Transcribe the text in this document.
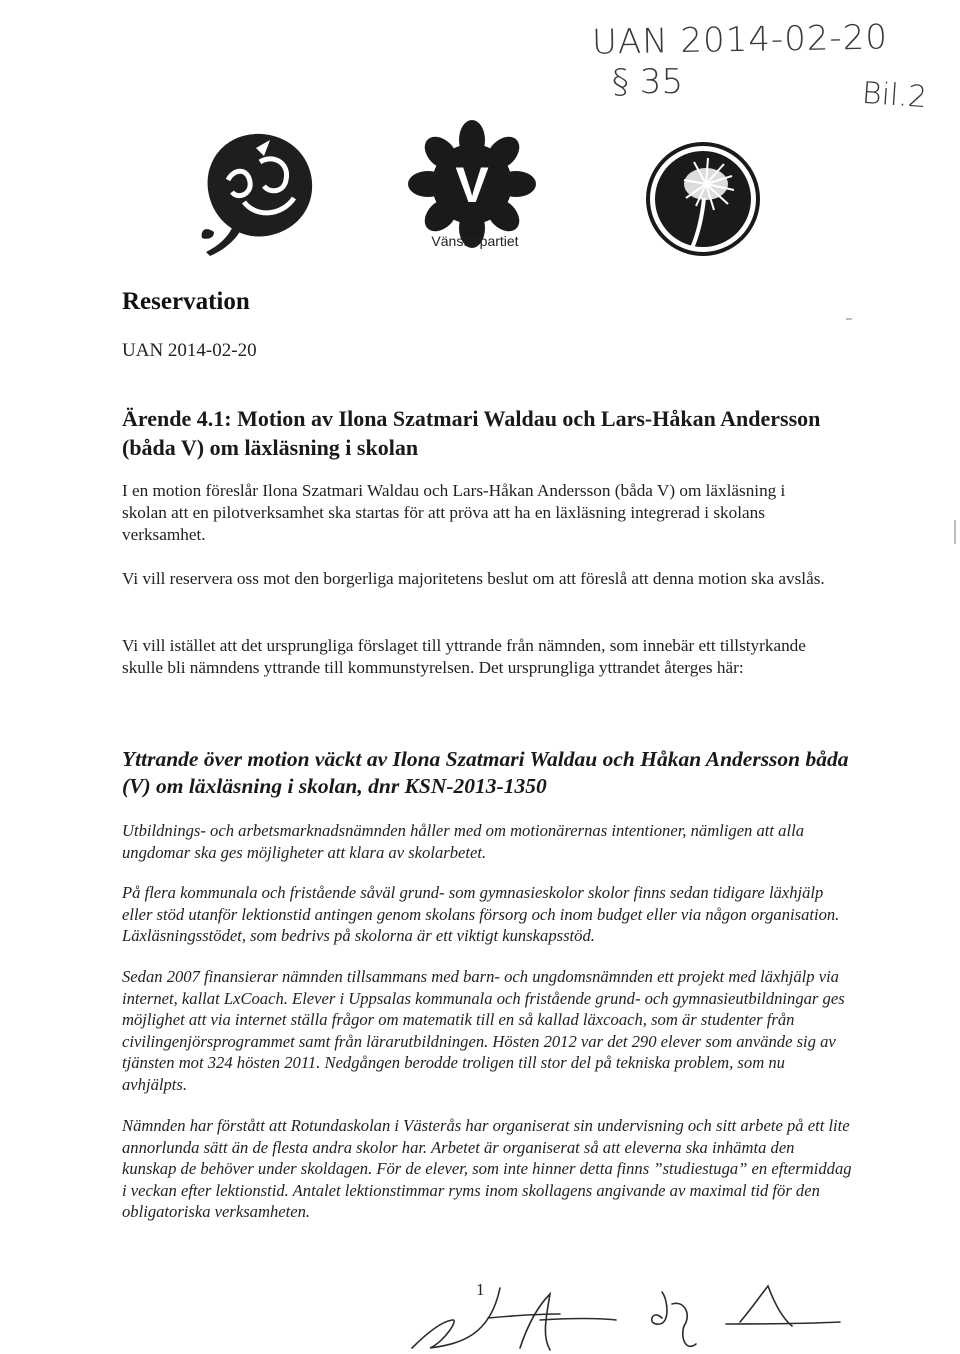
UAN 2014-02-20
§ 35	Bil.2
V
Vänsterpartiet
Reservation
UAN 2014-02-20
Ärende 4.1: Motion av Ilona Szatmari Waldau och Lars-Håkan Andersson (båda V) om läxläsning i skolan

I en motion föreslår Ilona Szatmari Waldau och Lars-Håkan Andersson (båda V) om läxläsning i skolan att en pilotverksamhet ska startas för att pröva att ha en läxläsning integrerad i skolans verksamhet.

Vi vill reservera oss mot den borgerliga majoritetens beslut om att föreslå att denna motion ska avslås.

Vi vill istället att det ursprungliga förslaget till yttrande från nämnden, som innebär ett tillstyrkande skulle bli nämndens yttrande till kommunstyrelsen. Det ursprungliga yttrandet återges här:

Yttrande över motion väckt av Ilona Szatmari Waldau och Håkan Andersson båda (V) om läxläsning i skolan, dnr KSN-2013-1350

Utbildnings- och arbetsmarknadsnämnden håller med om motionärernas intentioner, nämligen att alla ungdomar ska ges möjligheter att klara av skolarbetet.

På flera kommunala och fristående såväl grund- som gymnasieskolor skolor finns sedan tidigare läxhjälp eller stöd utanför lektionstid antingen genom skolans försorg och inom budget eller via någon organisation. Läxläsningsstödet, som bedrivs på skolorna är ett viktigt kunskapsstöd.

Sedan 2007 finansierar nämnden tillsammans med barn- och ungdomsnämnden ett projekt med läxhjälp via internet, kallat LxCoach. Elever i Uppsalas kommunala och fristående grund- och gymnasieutbildningar ges möjlighet att via internet ställa frågor om matematik till en så kallad läxcoach, som är studenter från civilingenjörsprogrammet samt från lärarutbildningen. Hösten 2012 var det 290 elever som använde sig av tjänsten mot 324 hösten 2011. Nedgången berodde troligen till stor del på tekniska problem, som nu avhjälpts.

Nämnden har förstått att Rotundaskolan i Västerås har organiserat sin undervisning och sitt arbete på ett lite annorlunda sätt än de flesta andra skolor har. Arbetet är organiserat så att eleverna ska inhämta den kunskap de behöver under skoldagen. För de elever, som inte hinner detta finns ”studiestuga” en eftermiddag i veckan efter lektionstid. Antalet lektionstimmar ryms inom skollagens angivande av maximal tid för den obligatoriska verksamheten.

1
